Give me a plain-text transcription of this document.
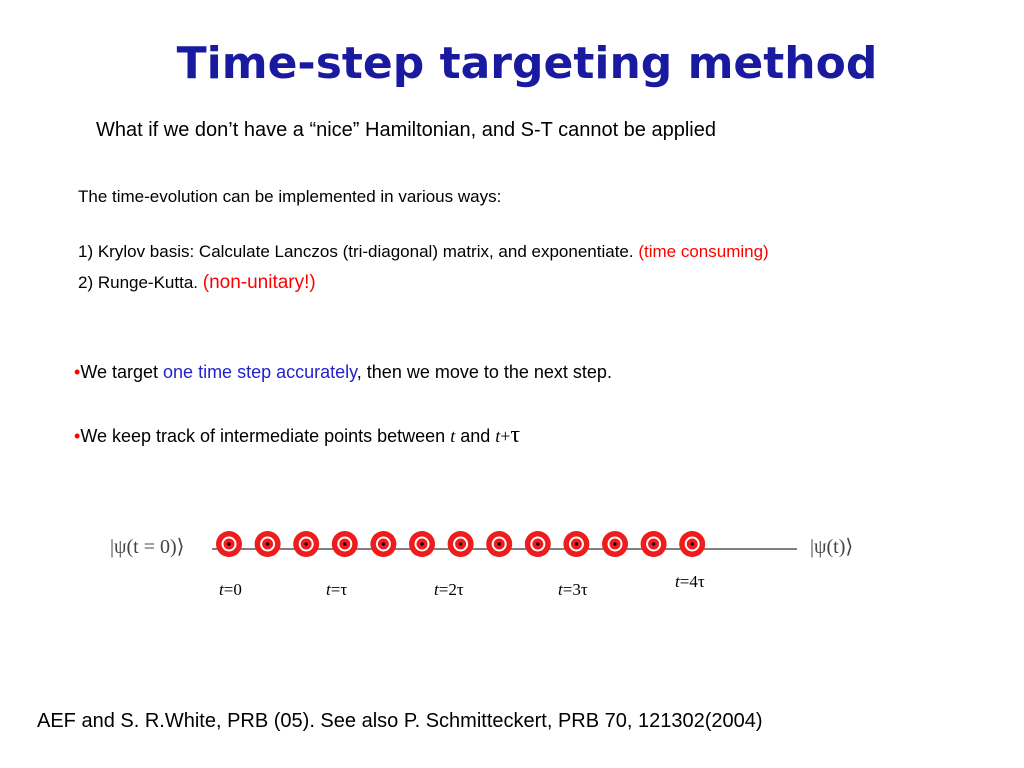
Time-step targeting method
What if we don’t have a “nice” Hamiltonian, and S-T cannot be applied
The time-evolution can be implemented in various ways:
1) Krylov basis: Calculate Lanczos (tri-diagonal) matrix, and exponentiate. (time consuming)
2) Runge-Kutta. (non-unitary!)
•We target one time step accurately, then we move to the next step.
•We keep track of intermediate points between t and t+τ
|ψ(t = 0)⟩	|ψ(t)⟩
t=0	t=τ	t=2τ	t=3τ	t=4τ
AEF and S. R.White, PRB (05). See also P. Schmitteckert, PRB 70, 121302(2004)
